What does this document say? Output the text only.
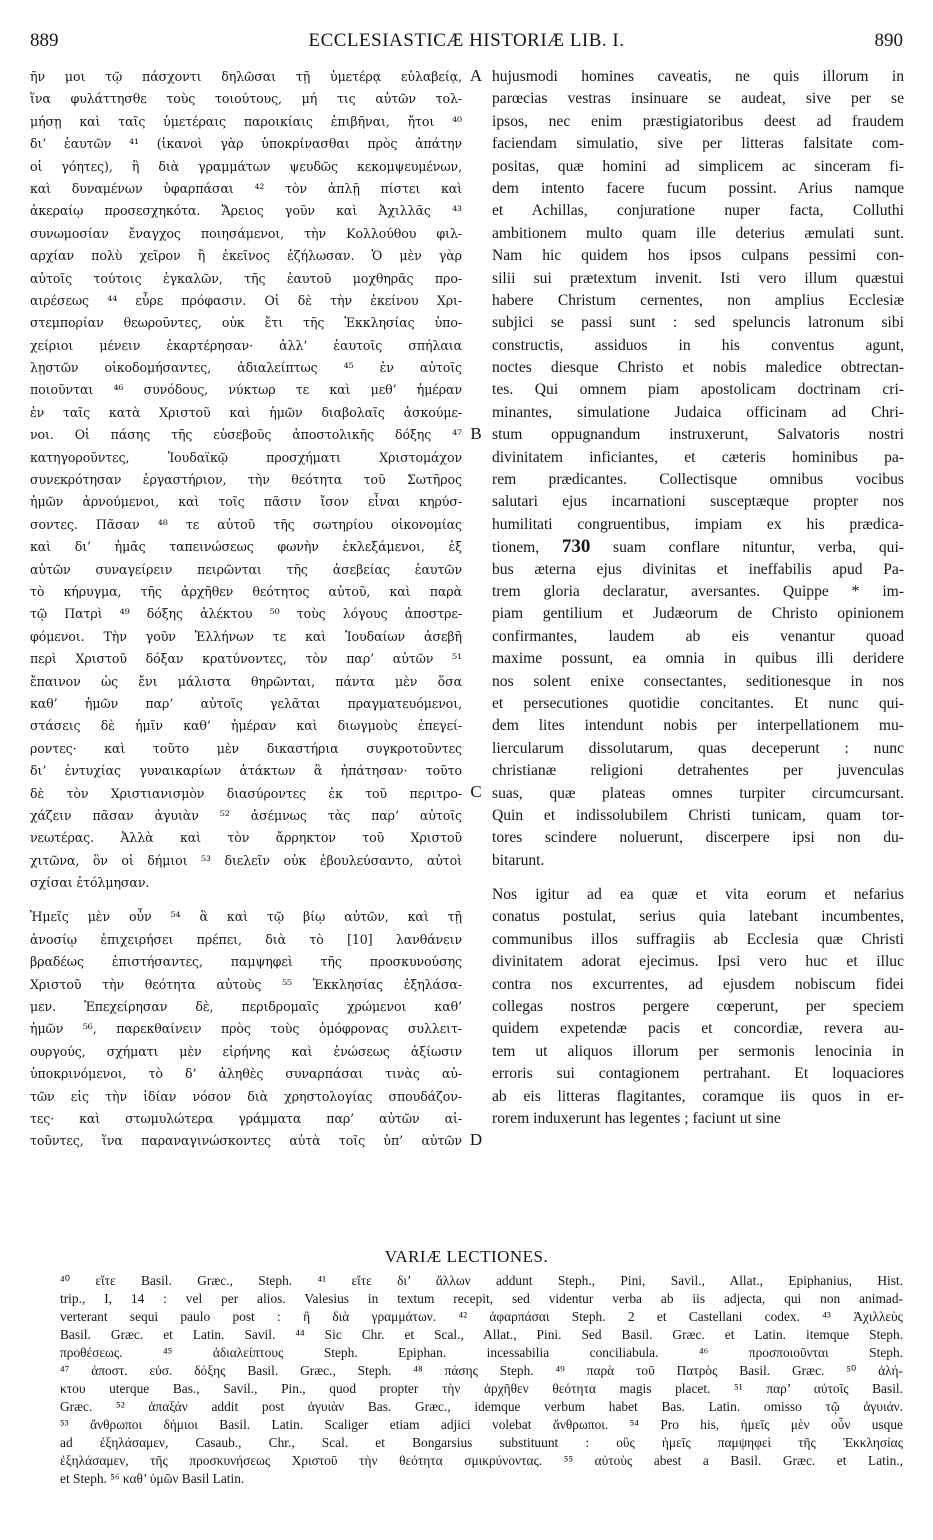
889	ECCLESIASTICÆ HISTORIÆ LIB. I.	890
ῆν μοι τῷ πάσχοντι δηλῶσαι τῇ ὑμετέρᾳ εὐλαβείᾳ,
ἵνα φυλάττησθε τοὺς τοιούτους, μή τις αὐτῶν τολ-
μήσῃ καὶ ταῖς ὑμετέραις παροικίαις ἐπιβῆναι, ἤτοι ⁴⁰
δι’ ἑαυτῶν ⁴¹ (ἱκανοὶ γὰρ ὑποκρίνασθαι πρὸς ἀπάτην
οἱ γόητες), ἢ διὰ γραμμάτων ψευδῶς κεκομψευμένων,
καὶ δυναμένων ὑφαρπάσαι ⁴² τὸν ἁπλῇ πίστει καὶ
ἀκεραίῳ προσεσχηκότα. Ἄρειος γοῦν καὶ Ἀχιλλᾶς ⁴³
συνωμοσίαν ἔναγχος ποιησάμενοι, τὴν Κολλούθου φιλ-
αρχίαν πολὺ χεῖρον ἢ ἐκεῖνος ἐζήλωσαν. Ὁ μὲν γὰρ
αὐτοῖς τούτοις ἐγκαλῶν, τῆς ἑαυτοῦ μοχθηρᾶς προ-
αιρέσεως ⁴⁴ εὗρε πρόφασιν. Οἱ δὲ τὴν ἐκείνου Χρι-
στεμπορίαν θεωροῦντες, οὐκ ἔτι τῆς Ἐκκλησίας ὑπο-
χείριοι μένειν ἐκαρτέρησαν· ἀλλ’ ἑαυτοῖς σπήλαια
λῃστῶν οἰκοδομήσαντες, ἀδιαλείπτως ⁴⁵ ἐν αὐτοῖς
ποιοῦνται ⁴⁶ συνόδους, νύκτωρ τε καὶ μεθ’ ἡμέραν
ἐν ταῖς κατὰ Χριστοῦ καὶ ἡμῶν διαβολαῖς ἀσκούμε-
νοι. Οἱ πάσης τῆς εὐσεβοῦς ἀποστολικῆς δόξης ⁴⁷
κατηγοροῦντες, Ἰουδαϊκῷ προσχήματι Χριστομάχον
συνεκρότησαν ἐργαστήριον, τὴν θεότητα τοῦ Σωτῆρος
ἡμῶν ἀρνούμενοι, καὶ τοῖς πᾶσιν ἴσον εἶναι κηρύσ-
σοντες. Πᾶσαν ⁴⁸ τε αὐτοῦ τῆς σωτηρίου οἰκονομίας
καὶ δι’ ἡμᾶς ταπεινώσεως φωνὴν ἐκλεξάμενοι, ἐξ
αὐτῶν συναγείρειν πειρῶνται τῆς ἀσεβείας ἑαυτῶν
τὸ κήρυγμα, τῆς ἀρχῆθεν θεότητος αὐτοῦ, καὶ παρὰ
τῷ Πατρὶ ⁴⁹ δόξης ἀλέκτου ⁵⁰ τοὺς λόγους ἀποστρε-
φόμενοι. Τὴν γοῦν Ἑλλήνων τε καὶ Ἰουδαίων ἀσεβῆ
περὶ Χριστοῦ δόξαν κρατύνοντες, τὸν παρ’ αὐτῶν ⁵¹
ἔπαινον ὡς ἔνι μάλιστα θηρῶνται, πάντα μὲν ὅσα
καθ’ ἡμῶν παρ’ αὐτοῖς γελᾶται πραγματευόμενοι,
στάσεις δὲ ἡμῖν καθ’ ἡμέραν καὶ διωγμοὺς ἐπεγεί-
ροντες· καὶ τοῦτο μὲν δικαστήρια συγκροτοῦντες
δι’ ἐντυχίας γυναικαρίων ἀτάκτων ἃ ἠπάτησαν· τοῦτο
δὲ τὸν Χριστιανισμὸν διασύροντες ἐκ τοῦ περιτρο-
χάζειν πᾶσαν ἀγυιὰν ⁵² ἀσέμνως τὰς παρ’ αὐτοῖς
νεωτέρας. Ἀλλὰ καὶ τὸν ἄρρηκτον τοῦ Χριστοῦ
χιτῶνα, ὃν οἱ δήμιοι ⁵³ διελεῖν οὐκ ἐβουλεύσαντο, αὐτοὶ
σχίσαι ἐτόλμησαν.
Ἡμεῖς μὲν οὖν ⁵⁴ ἃ καὶ τῷ βίῳ αὐτῶν, καὶ τῇ
ἀνοσίῳ ἐπιχειρήσει πρέπει, διὰ τὸ [10] λανθάνειν
βραδέως ἐπιστήσαντες, παμψηφεὶ τῆς προσκυνούσης
Χριστοῦ τὴν θεότητα αὐτοὺς ⁵⁵ Ἐκκλησίας ἐξηλάσα-
μεν. Ἐπεχείρησαν δὲ, περιδρομαῖς χρώμενοι καθ’
ἡμῶν ⁵⁶, παρεκθαίνειν πρὸς τοὺς ὁμόφρονας συλλειτ-
ουργούς, σχήματι μὲν εἰρήνης καὶ ἑνώσεως ἀξίωσιν
ὑποκρινόμενοι, τὸ δ’ ἀληθὲς συναρπάσαι τινὰς αὐ-
τῶν εἰς τὴν ἰδίαν νόσον διὰ χρηστολογίας σπουδάζον-
τες· καὶ στωμυλώτερα γράμματα παρ’ αὐτῶν αἰ-
τοῦντες, ἵνα παραναγινώσκοντες αὐτὰ τοῖς ὑπ’ αὐτῶν
hujusmodi homines caveatis, ne quis illorum in
parœcias vestras insinuare se audeat, sive per se
ipsos, nec enim præstigiatoribus deest ad fraudem
faciendam simulatio, sive per litteras falsitate com-
positas, quæ homini ad simplicem ac sinceram fi-
dem intento facere fucum possint. Arius namque
et Achillas, conjuratione nuper facta, Colluthi
ambitionem multo quam ille deterius æmulati sunt.
Nam hic quidem hos ipsos culpans pessimi con-
silii sui prætextum invenit. Isti vero illum quæstui
habere Christum cernentes, non amplius Ecclesiæ
subjici se passi sunt : sed speluncis latronum sibi
constructis, assiduos in his conventus agunt,
noctes diesque Christo et nobis maledice obtrectan-
tes. Qui omnem piam apostolicam doctrinam cri-
minantes, simulatione Judaica officinam ad Chri-
stum oppugnandum instruxerunt, Salvatoris nostri
divinitatem inficiantes, et cæteris hominibus pa-
rem prædicantes. Collectisque omnibus vocibus
salutari ejus incarnationi susceptæque propter nos
humilitati congruentibus, impiam ex his prædica-
tionem, 730 suam conflare nituntur, verba, qui-
bus æterna ejus divinitas et ineffabilis apud Pa-
trem gloria declaratur, aversantes. Quippe * im-
piam gentilium et Judæorum de Christo opinionem
confirmantes, laudem ab eis venantur quoad
maxime possunt, ea omnia in quibus illi deridere
nos solent enixe consectantes, seditionesque in nos
et persecutiones quotidie concitantes. Et nunc qui-
dem lites intendunt nobis per interpellationem mu-
liercularum dissolutarum, quas deceperunt : nunc
christianæ religioni detrahentes per juvenculas
suas, quæ plateas omnes turpiter circumcursant.
Quin et indissolubilem Christi tunicam, quam tor-
tores scindere noluerunt, discerpere ipsi non du-
bitarunt.
Nos igitur ad ea quæ et vita eorum et nefarius
conatus postulat, serius quia latebant incumbentes,
communibus illos suffragiis ab Ecclesia quæ Christi
divinitatem adorat ejecimus. Ipsi vero huc et illuc
contra nos excurrentes, ad ejusdem nobiscum fidei
collegas nostros pergere cœperunt, per speciem
quidem expetendæ pacis et concordiæ, revera au-
tem ut aliquos illorum per sermonis lenocinia in
erroris sui contagionem pertrahant. Et loquaciores
ab eis litteras flagitantes, coramque iis quos in er-
rorem induxerunt has legentes ; faciunt ut sine
A
B
C
D
VARIÆ LECTIONES.
⁴⁰ εἴτε Basil. Græc., Steph. ⁴¹ εἴτε δι’ ἄλλων addunt Steph., Pini, Savil., Allat., Epiphanius, Hist.
trip., I, 14 : vel per alios. Valesius in textum recepit, sed videntur verba ab iis adjecta, qui non animad-
verterant sequi paulo post : ἢ διὰ γραμμάτων. ⁴² ἀφαρπάσαι Steph. 2 et Castellani codex. ⁴³ Ἀχιλλεὺς
Basil. Græc. et Latin. Savil. ⁴⁴ Sic Chr. et Scal., Allat., Pini. Sed Basil. Græc. et Latin. itemque Steph.
προθέσεως. ⁴⁵ ἀδιαλείπτους Steph. Epiphan. incessabilia conciliabula. ⁴⁶ προσποιοῦνται Steph.
⁴⁷ ἀποστ. εὐσ. δόξης Basil. Græc., Steph. ⁴⁸ πάσης Steph. ⁴⁹ παρὰ τοῦ Πατρὸς Basil. Græc. ⁵⁰ ἀλή-
κτου uterque Bas., Savil., Pin., quod propter τὴν ἀρχῆθεν θεότητα magis placet. ⁵¹ παρ’ αὐτοῖς Basil.
Græc. ⁵² ἁπαξάν addit post ἀγυιὰν Bas. Græc., idemque verbum habet Bas. Latin. omisso τῷ ἀγυιάν.
⁵³ ἄνθρωποι δήμιοι Basil. Latin. Scaliger etiam adjici volebat ἄνθρωποι. ⁵⁴ Pro his, ἡμεῖς μὲν οὖν usque
ad ἐξηλάσαμεν, Casaub., Chr., Scal. et Bongarsius substituunt : οὓς ἡμεῖς παμψηφεὶ τῆς Ἐκκλησίας
ἐξηλάσαμεν, τῆς προσκυνήσεως Χριστοῦ τὴν θεότητα σμικρύνοντας. ⁵⁵ αὐτοὺς abest a Basil. Græc. et Latin.,
et Steph. ⁵⁶ καθ’ ὑμῶν Basil Latin.
